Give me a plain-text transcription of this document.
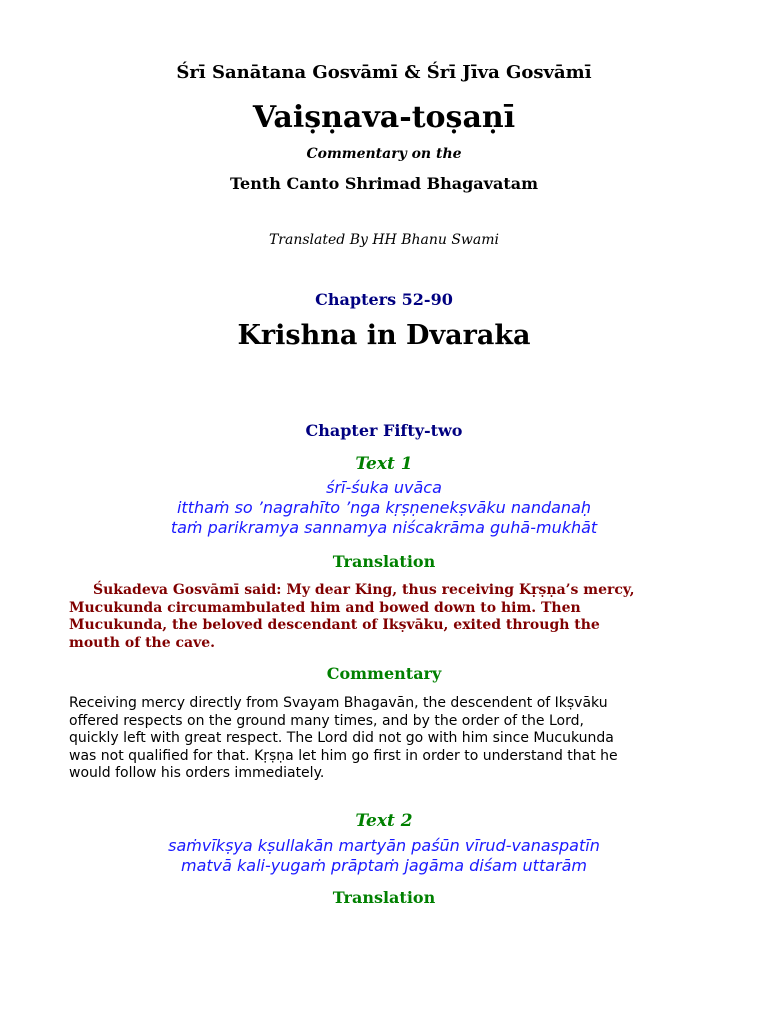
Śrī Sanātana Gosvāmī & Śrī Jīva Gosvāmī
Vaiṣṇava-toṣaṇī
Commentary on the
Tenth Canto Shrimad Bhagavatam
Translated By HH Bhanu Swami
Chapters 52-90
Krishna in Dvaraka
Chapter Fifty-two
Text 1
śrī-śuka uvāca
itthaṁ so ’nagrahīto ’nga kṛṣṇenekṣvāku nandanaḥ
taṁ parikramya sannamya niścakrāma guhā-mukhāt
Translation
Śukadeva Gosvāmī said: My dear King, thus receiving Kṛṣṇa’s mercy,
Mucukunda circumambulated him and bowed down to him. Then
Mucukunda, the beloved descendant of Ikṣvāku, exited through the
mouth of the cave.
Commentary
Receiving mercy directly from Svayam Bhagavān, the descendent of Ikṣvāku
offered respects on the ground many times, and by the order of the Lord,
quickly left with great respect. The Lord did not go with him since Mucukunda
was not qualified for that. Kṛṣṇa let him go first in order to understand that he
would follow his orders immediately.
Text 2
saṁvīkṣya kṣullakān martyān paśūn vīrud-vanaspatīn
matvā kali-yugaṁ prāptaṁ jagāma diśam uttarām
Translation
